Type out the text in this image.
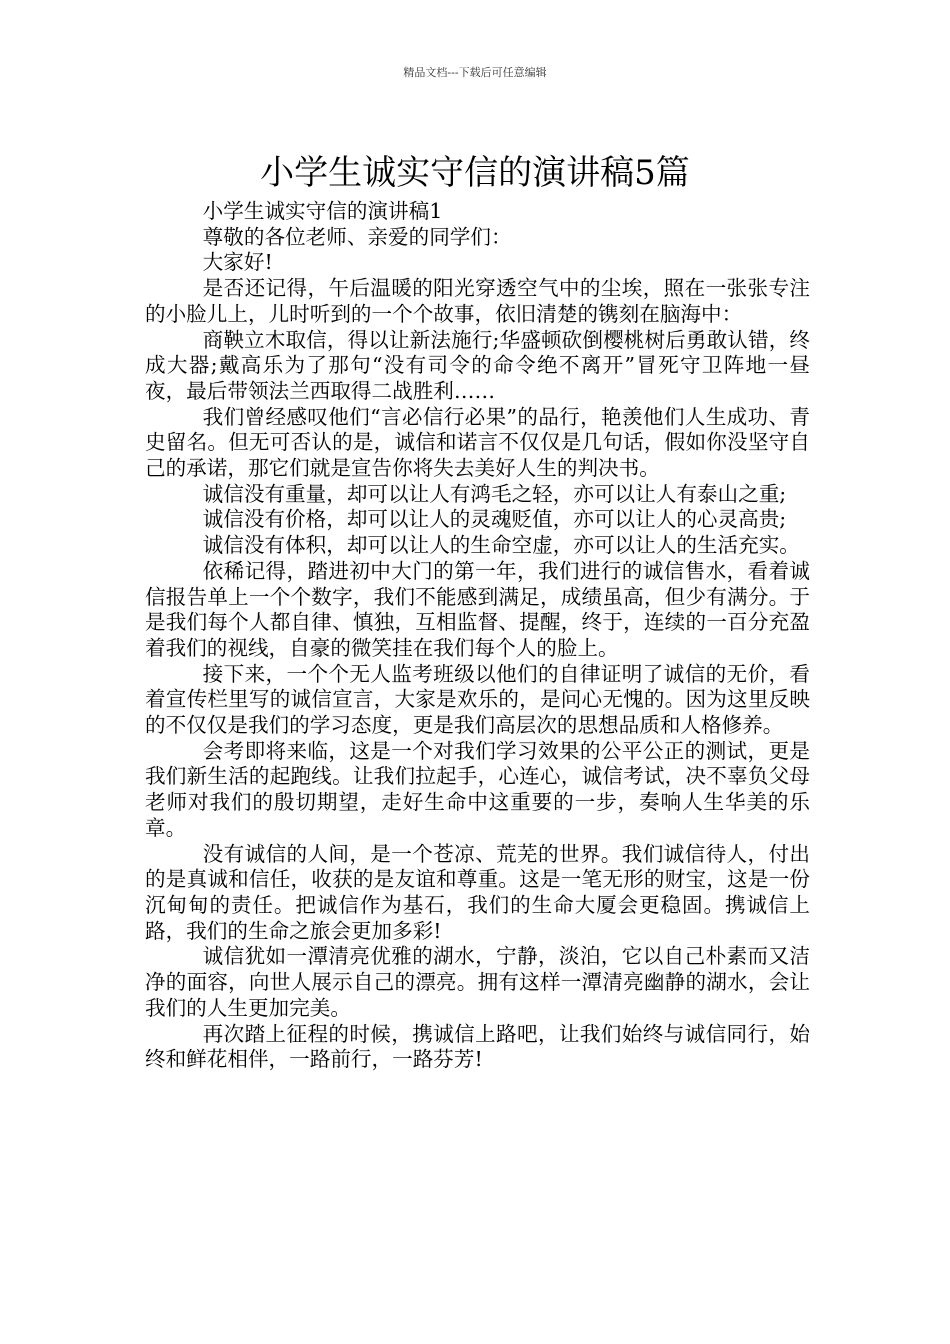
精品文档---下载后可任意编辑
小学生诚实守信的演讲稿5篇

小学生诚实守信的演讲稿1

尊敬的各位老师、亲爱的同学们：

大家好!

是否还记得，午后温暖的阳光穿透空气中的尘埃，照在一张张专注的小脸儿上，儿时听到的一个个故事，依旧清楚的镌刻在脑海中：

商鞅立木取信，得以让新法施行;华盛顿砍倒樱桃树后勇敢认错，终成大器;戴高乐为了那句“没有司令的命令绝不离开”冒死守卫阵地一昼夜，最后带领法兰西取得二战胜利……

我们曾经感叹他们“言必信行必果”的品行，艳羡他们人生成功、青史留名。但无可否认的是，诚信和诺言不仅仅是几句话，假如你没坚守自己的承诺，那它们就是宣告你将失去美好人生的判决书。

诚信没有重量，却可以让人有鸿毛之轻，亦可以让人有泰山之重;

诚信没有价格，却可以让人的灵魂贬值，亦可以让人的心灵高贵;

诚信没有体积，却可以让人的生命空虚，亦可以让人的生活充实。

依稀记得，踏进初中大门的第一年，我们进行的诚信售水，看着诚信报告单上一个个数字，我们不能感到满足，成绩虽高，但少有满分。于是我们每个人都自律、慎独，互相监督、提醒，终于，连续的一百分充盈着我们的视线，自豪的微笑挂在我们每个人的脸上。

接下来，一个个无人监考班级以他们的自律证明了诚信的无价，看着宣传栏里写的诚信宣言，大家是欢乐的，是问心无愧的。因为这里反映的不仅仅是我们的学习态度，更是我们高层次的思想品质和人格修养。

会考即将来临，这是一个对我们学习效果的公平公正的测试，更是我们新生活的起跑线。让我们拉起手，心连心，诚信考试，决不辜负父母老师对我们的殷切期望，走好生命中这重要的一步，奏响人生华美的乐章。

没有诚信的人间，是一个苍凉、荒芜的世界。我们诚信待人，付出的是真诚和信任，收获的是友谊和尊重。这是一笔无形的财宝，这是一份沉甸甸的责任。把诚信作为基石，我们的生命大厦会更稳固。携诚信上路，我们的生命之旅会更加多彩!

诚信犹如一潭清亮优雅的湖水，宁静，淡泊，它以自己朴素而又洁净的面容，向世人展示自己的漂亮。拥有这样一潭清亮幽静的湖水，会让我们的人生更加完美。

再次踏上征程的时候，携诚信上路吧，让我们始终与诚信同行，始终和鲜花相伴，一路前行，一路芬芳!
